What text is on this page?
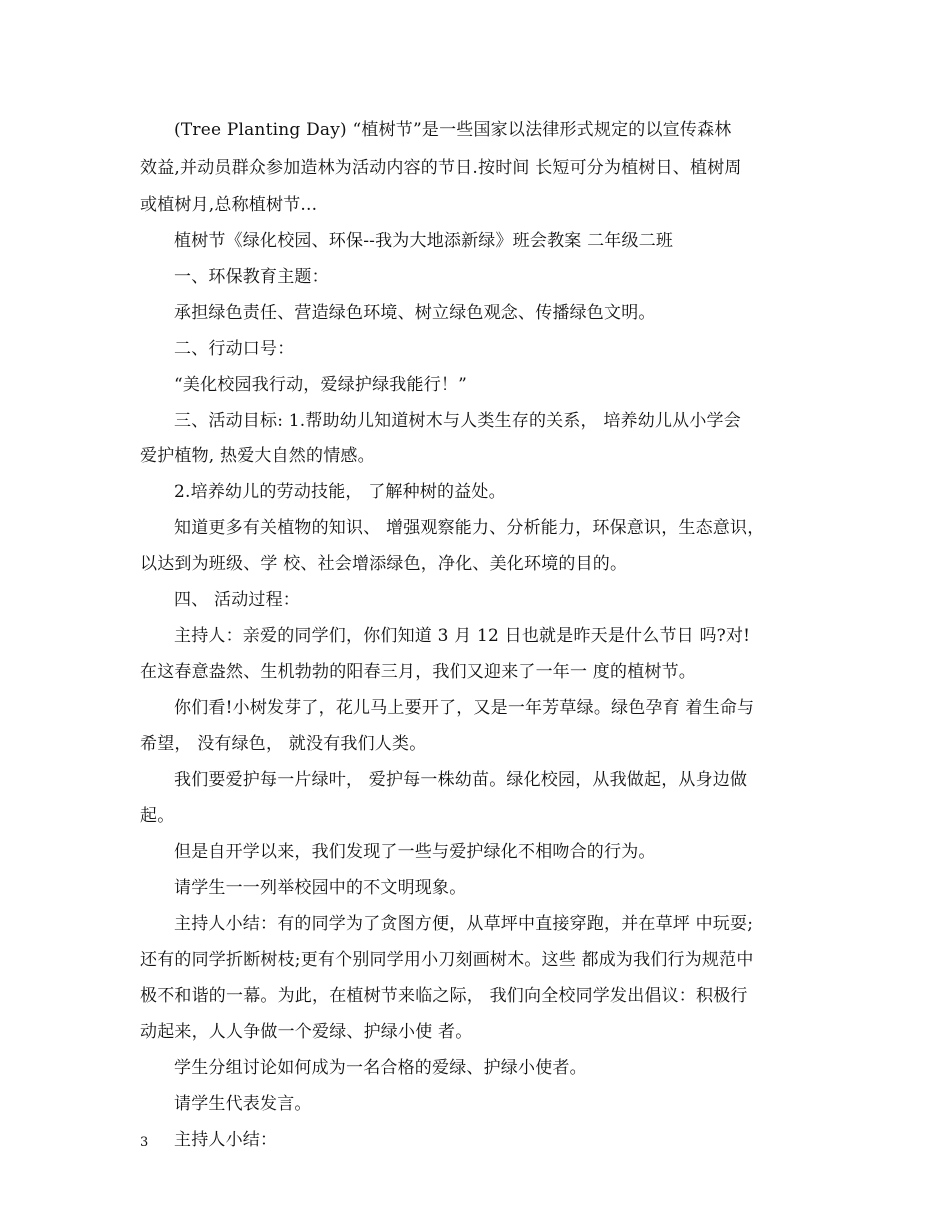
(Tree Planting Day) “植树节”是一些国家以法律形式规定的以宣传森林
效益,并动员群众参加造林为活动内容的节日.按时间 长短可分为植树日、植树周
或植树月,总称植树节...
植树节《绿化校园、环保--我为大地添新绿》班会教案 二年级二班
一、环保教育主题：
承担绿色责任、营造绿色环境、树立绿色观念、传播绿色文明。
二、行动口号：
“美化校园我行动，爱绿护绿我能行！”
三、活动目标: 1.帮助幼儿知道树木与人类生存的关系， 培养幼儿从小学会
爱护植物, 热爱大自然的情感。
2.培养幼儿的劳动技能， 了解种树的益处。
知道更多有关植物的知识、 增强观察能力、分析能力，环保意识，生态意识，
以达到为班级、学 校、社会增添绿色，净化、美化环境的目的。
四、 活动过程：
主持人：亲爱的同学们，你们知道 3 月 12 日也就是昨天是什么节日 吗?对!
在这春意盎然、生机勃勃的阳春三月，我们又迎来了一年一 度的植树节。
你们看!小树发芽了，花儿马上要开了，又是一年芳草绿。绿色孕育 着生命与
希望， 没有绿色， 就没有我们人类。
我们要爱护每一片绿叶， 爱护每一株幼苗。绿化校园，从我做起，从身边做
起。
但是自开学以来，我们发现了一些与爱护绿化不相吻合的行为。
请学生一一列举校园中的不文明现象。
主持人小结：有的同学为了贪图方便，从草坪中直接穿跑，并在草坪 中玩耍;
还有的同学折断树枝;更有个别同学用小刀刻画树木。这些 都成为我们行为规范中
极不和谐的一幕。为此，在植树节来临之际， 我们向全校同学发出倡议：积极行
动起来，人人争做一个爱绿、护绿小使 者。
学生分组讨论如何成为一名合格的爱绿、护绿小使者。
请学生代表发言。
主持人小结：
3
